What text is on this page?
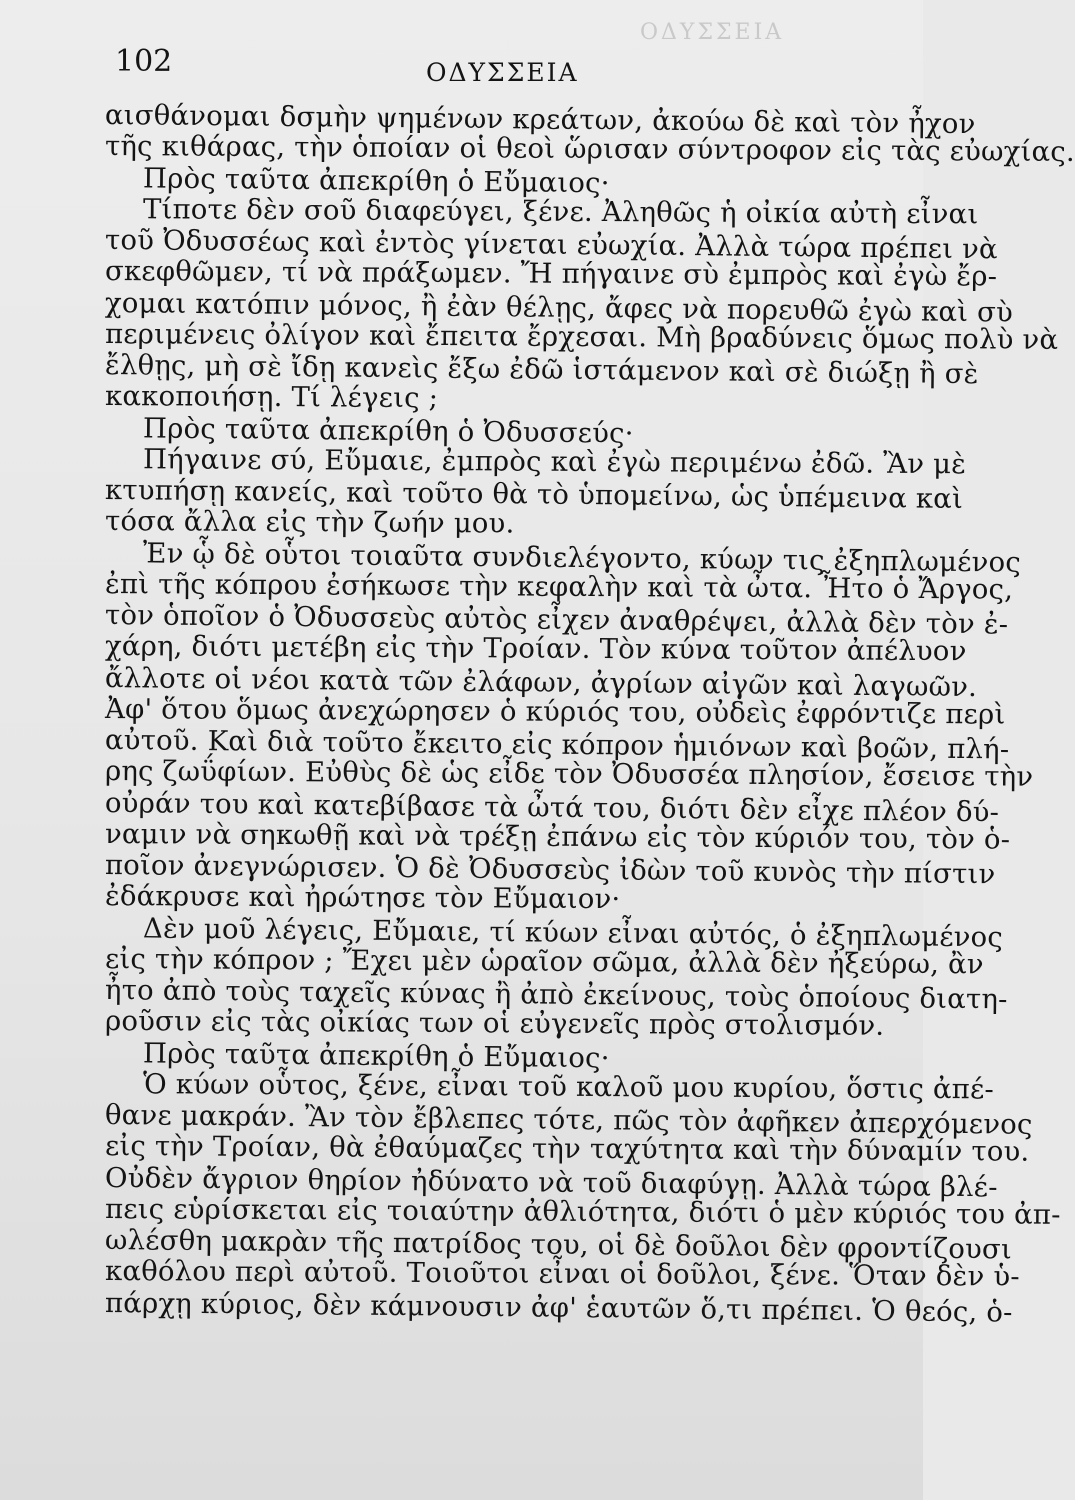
ΟΔΥΣΣΕΙΑ
102	ΟΔΥΣΣΕΙΑ
αισθάνομαι δσμὴν ψημένων κρεάτων, ἀκούω δὲ καὶ τὸν ἦχον
τῆς κιθάρας, τὴν ὁποίαν οἱ θεοὶ ὥρισαν σύντροφον εἰς τὰς εὐωχίας.
Πρὸς ταῦτα ἀπεκρίθη ὁ Εὔμαιος·
Τίποτε δὲν σοῦ διαφεύγει, ξένε. Ἀληθῶς ἡ οἰκία αὐτὴ εἶναι
τοῦ Ὀδυσσέως καὶ ἐντὸς γίνεται εὐωχία. Ἀλλὰ τώρα πρέπει νὰ
σκεφθῶμεν, τί νὰ πράξωμεν. Ἤ πήγαινε σὺ ἐμπρὸς καὶ ἐγὼ ἔρ-
χομαι κατόπιν μόνος, ἢ ἐὰν θέλῃς, ἄφες νὰ πορευθῶ ἐγὼ καὶ σὺ
περιμένεις ὀλίγον καὶ ἔπειτα ἔρχεσαι. Μὴ βραδύνεις ὅμως πολὺ νὰ
ἔλθῃς, μὴ σὲ ἴδῃ κανεὶς ἔξω ἐδῶ ἱστάμενον καὶ σὲ διώξῃ ἢ σὲ
κακοποιήσῃ. Τί λέγεις ;
Πρὸς ταῦτα ἀπεκρίθη ὁ Ὀδυσσεύς·
Πήγαινε σύ, Εὔμαιε, ἐμπρὸς καὶ ἐγὼ περιμένω ἐδῶ. Ἂν μὲ
κτυπήσῃ κανείς, καὶ τοῦτο θὰ τὸ ὑπομείνω, ὡς ὑπέμεινα καὶ
τόσα ἄλλα εἰς τὴν ζωήν μου.
Ἐν ᾧ δὲ οὗτοι τοιαῦτα συνδιελέγοντο, κύων τις ἐξηπλωμένος
ἐπὶ τῆς κόπρου ἐσήκωσε τὴν κεφαλὴν καὶ τὰ ὦτα. Ἦτο ὁ Ἄργος,
τὸν ὁποῖον ὁ Ὀδυσσεὺς αὐτὸς εἶχεν ἀναθρέψει, ἀλλὰ δὲν τὸν ἐ-
χάρη, διότι μετέβη εἰς τὴν Τροίαν. Τὸν κύνα τοῦτον ἀπέλυον
ἄλλοτε οἱ νέοι κατὰ τῶν ἐλάφων, ἀγρίων αἰγῶν καὶ λαγωῶν.
Ἀφ' ὅτου ὅμως ἀνεχώρησεν ὁ κύριός του, οὐδεὶς ἐφρόντιζε περὶ
αὐτοῦ. Καὶ διὰ τοῦτο ἔκειτο εἰς κόπρον ἡμιόνων καὶ βοῶν, πλή-
ρης ζωΰφίων. Εὐθὺς δὲ ὡς εἶδε τὸν Ὀδυσσέα πλησίον, ἔσεισε τὴν
οὐράν του καὶ κατεβίβασε τὰ ὦτά του, διότι δὲν εἶχε πλέον δύ-
ναμιν νὰ σηκωθῇ καὶ νὰ τρέξῃ ἐπάνω εἰς τὸν κύριόν του, τὸν ὁ-
ποῖον ἀνεγνώρισεν. Ὁ δὲ Ὀδυσσεὺς ἰδὼν τοῦ κυνὸς τὴν πίστιν
ἐδάκρυσε καὶ ἠρώτησε τὸν Εὔμαιον·
Δὲν μοῦ λέγεις, Εὔμαιε, τί κύων εἶναι αὐτός, ὁ ἐξηπλωμένος
εἰς τὴν κόπρον ; Ἔχει μὲν ὡραῖον σῶμα, ἀλλὰ δὲν ἠξεύρω, ἂν
ἦτο ἀπὸ τοὺς ταχεῖς κύνας ἢ ἀπὸ ἐκείνους, τοὺς ὁποίους διατη-
ροῦσιν εἰς τὰς οἰκίας των οἱ εὐγενεῖς πρὸς στολισμόν.
Πρὸς ταῦτα ἀπεκρίθη ὁ Εὔμαιος·
Ὁ κύων οὗτος, ξένε, εἶναι τοῦ καλοῦ μου κυρίου, ὅστις ἀπέ-
θανε μακράν. Ἂν τὸν ἔβλεπες τότε, πῶς τὸν ἀφῆκεν ἀπερχόμενος
εἰς τὴν Τροίαν, θὰ ἐθαύμαζες τὴν ταχύτητα καὶ τὴν δύναμίν του.
Οὐδὲν ἄγριον θηρίον ἠδύνατο νὰ τοῦ διαφύγῃ. Ἀλλὰ τώρα βλέ-
πεις εὑρίσκεται εἰς τοιαύτην ἀθλιότητα, διότι ὁ μὲν κύριός του ἀπ-
ωλέσθη μακρὰν τῆς πατρίδος του, οἱ δὲ δοῦλοι δὲν φροντίζουσι
καθόλου περὶ αὐτοῦ. Τοιοῦτοι εἶναι οἱ δοῦλοι, ξένε. Ὅταν δὲν ὑ-
πάρχῃ κύριος, δὲν κάμνουσιν ἀφ' ἑαυτῶν ὅ,τι πρέπει. Ὁ θεός, ὁ-
